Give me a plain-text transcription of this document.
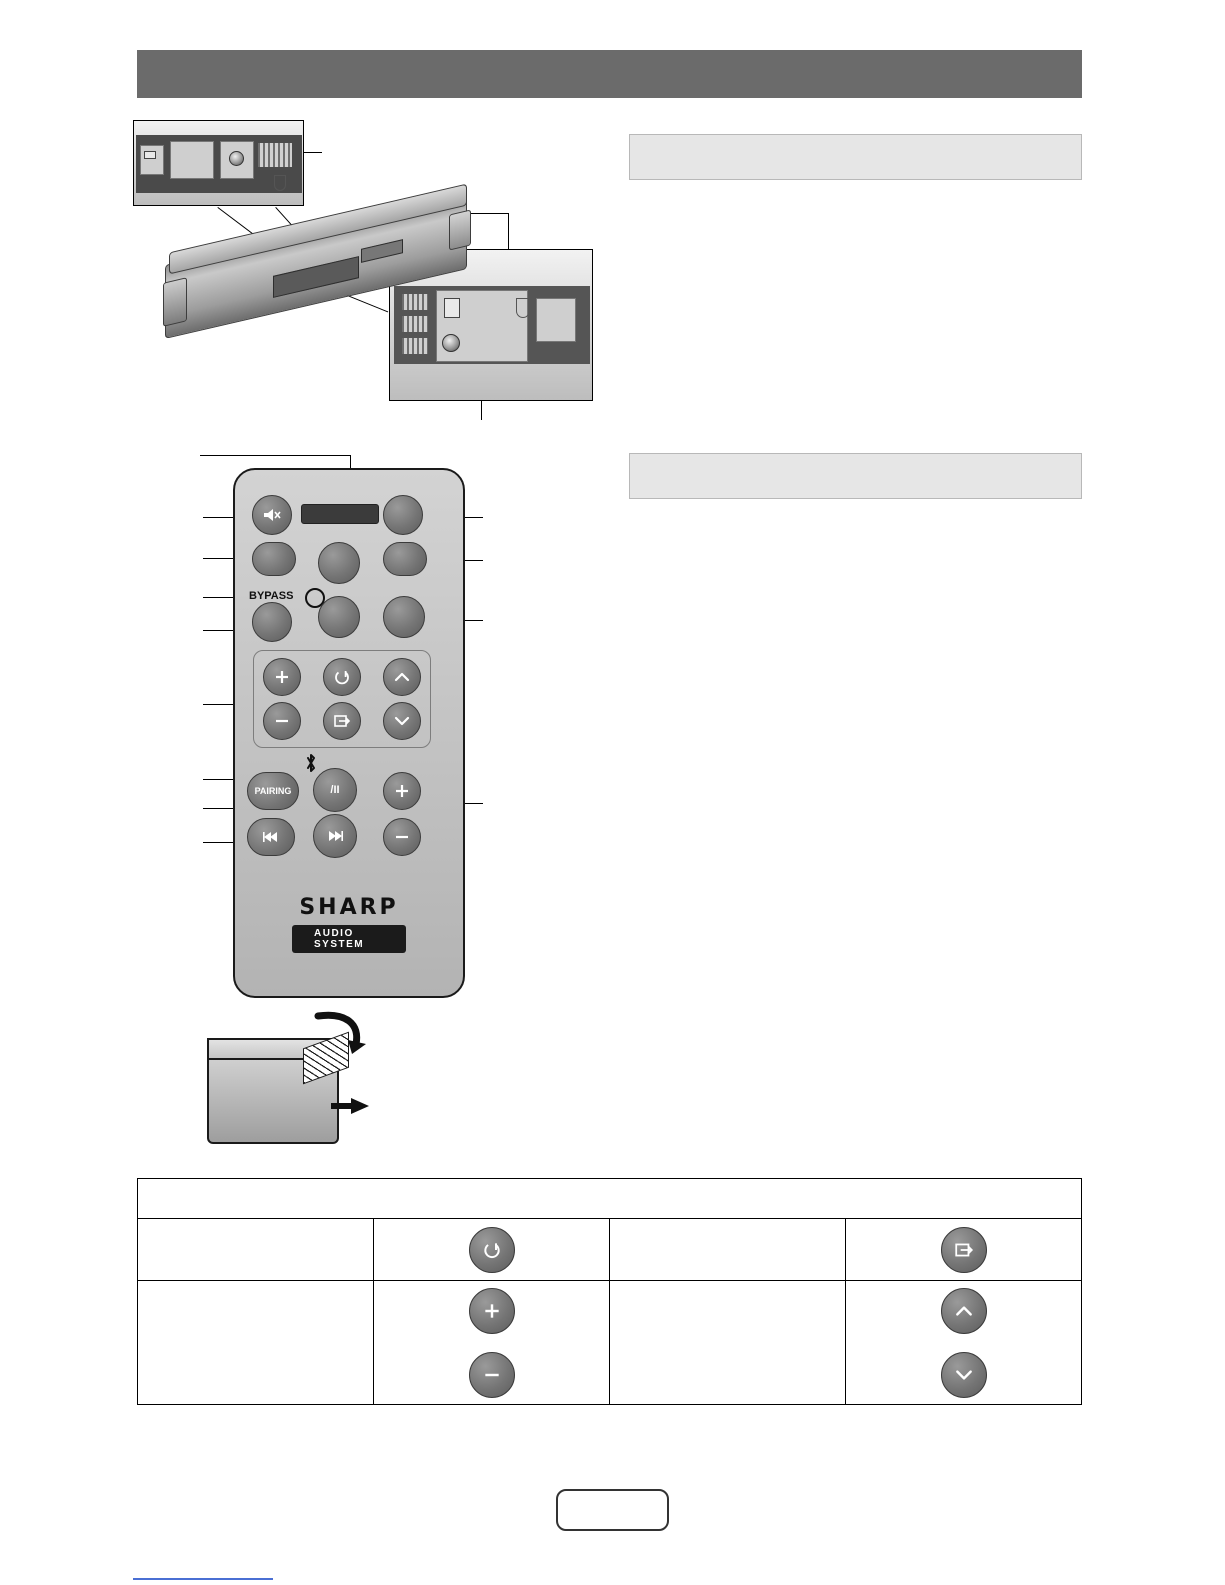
BYPASS
PAIRING	/II
SHARP
AUDIO SYSTEM
